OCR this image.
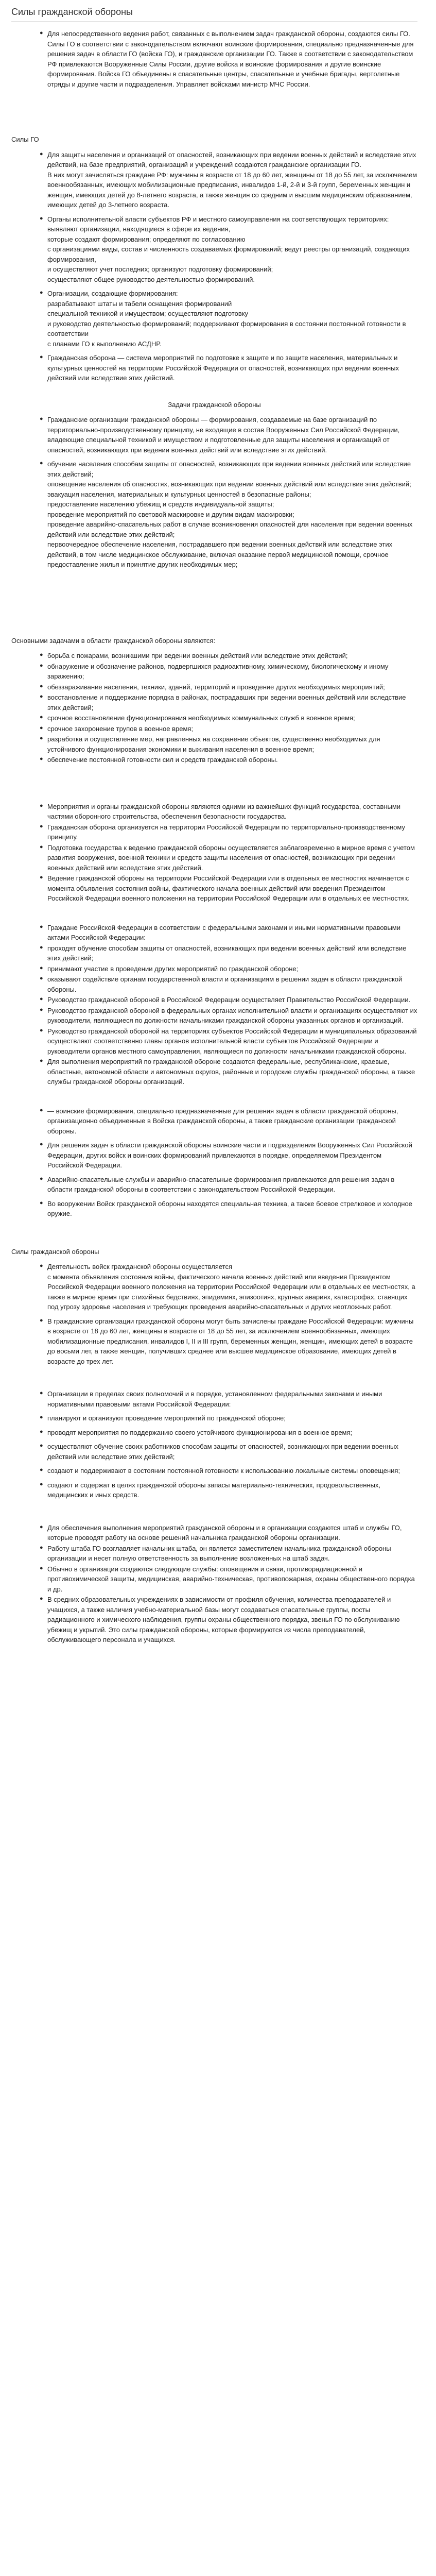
Силы гражданской обороны
● Для непосредственного ведения работ, связанных с выполнением задач гражданской обороны, создаются силы ГО. Силы ГО в соответствии с законодательством включают воинские формирования, специально предназначенные для решения задач в области ГО (войска ГО), и гражданские организации ГО. Также в соответствии с законодательством РФ привлекаются Вооруженные Силы России, другие войска и воинские формирования и другие воинские формирования. Войска ГО объединены в спасательные центры, спасательные и учебные бригады, вертолетные отряды и другие части и подразделения. Управляет войсками министр МЧС России.
Силы ГО
● Для защиты населения и организаций от опасностей, возникающих при ведении военных действий и вследствие этих действий, на базе предприятий, организаций и учреждений создаются гражданские организации ГО.
В них могут зачисляться граждане РФ: мужчины в возрасте от 18 до 60 лет, женщины от 18 до 55 лет, за исключением военнообязанных, имеющих мобилизационные предписания, инвалидов 1-й, 2-й и 3-й групп, беременных женщин и женщин, имеющих детей до 8-летнего возраста, а также женщин со средним и высшим медицинским образованием, имеющих детей до 3-летнего возраста.
● Органы исполнительной власти субъектов РФ и местного самоуправления на соответствующих территориях: выявляют организации, находящиеся в сфере их ведения,
которые создают формирования; определяют по согласованию
с организациями виды, состав и численность создаваемых формирований; ведут реестры организаций, создающих формирования,
и осуществляют учет последних; организуют подготовку формирований;
осуществляют общее руководство деятельностью формирований.
● Организации, создающие формирования:
разрабатывают штаты и табели оснащения формирований
специальной техникой и имуществом; осуществляют подготовку
и руководство деятельностью формирований; поддерживают формирования в состоянии постоянной готовности в соответствии
с планами ГО к выполнению АСДНР.
● Гражданская оборона — система мероприятий по подготовке к защите и по защите населения, материальных и культурных ценностей на территории Российской Федерации от опасностей, возникающих при ведении военных действий или вследствие этих действий.
Задачи гражданской обороны
● Гражданские организации гражданской обороны — формирования, создаваемые на базе организаций по территориально-производственному принципу, не входящие в состав Вооруженных Сил Российской Федерации, владеющие специальной техникой и имуществом и подготовленные для защиты населения и организаций от опасностей, возникающих при ведении военных действий или вследствие этих действий.
● обучение населения способам защиты от опасностей, возникающих при ведении военных действий или вследствие этих действий;
оповещение населения об опасностях, возникающих при ведении военных действий или вследствие этих действий;
эвакуация населения, материальных и культурных ценностей в безопасные районы;
предоставление населению убежищ и средств индивидуальной защиты;
проведение мероприятий по световой маскировке и другим видам маскировки;
проведение аварийно-спасательных работ в случае возникновения опасностей для населения при ведении военных действий или вследствие этих действий;
первоочередное обеспечение населения, пострадавшего при ведении военных действий или вследствие этих действий, в том числе медицинское обслуживание, включая оказание первой медицинской помощи, срочное предоставление жилья и принятие других необходимых мер;
Основными задачами в области гражданской обороны являются:
● борьба с пожарами, возникшими при ведении военных действий или вследствие этих действий;
● обнаружение и обозначение районов, подвергшихся радиоактивному, химическому, биологическому и иному заражению;
● обеззараживание населения, техники, зданий, территорий и проведение других необходимых мероприятий;
● восстановление и поддержание порядка в районах, пострадавших при ведении военных действий или вследствие этих действий;
● срочное восстановление функционирования необходимых коммунальных служб в военное время;
● срочное захоронение трупов в военное время;
● разработка и осуществление мер, направленных на сохранение объектов, существенно необходимых для устойчивого функционирования экономики и выживания населения в военное время;
● обеспечение постоянной готовности сил и средств гражданской обороны.
● Мероприятия и органы гражданской обороны являются одними из важнейших функций государства, составными частями оборонного строительства, обеспечения безопасности государства.
● Гражданская оборона организуется на территории Российской Федерации по территориально-производственному принципу.
● Подготовка государства к ведению гражданской обороны осуществляется заблаговременно в мирное время с учетом развития вооружения, военной техники и средств защиты населения от опасностей, возникающих при ведении военных действий или вследствие этих действий.
● Ведение гражданской обороны на территории Российской Федерации или в отдельных ее местностях начинается с момента объявления состояния войны, фактического начала военных действий или введения Президентом Российской Федерации военного положения на территории Российской Федерации или в отдельных ее местностях.
● Граждане Российской Федерации в соответствии с федеральными законами и иными нормативными правовыми актами Российской Федерации:
● проходят обучение способам защиты от опасностей, возникающих при ведении военных действий или вследствие этих действий;
● принимают участие в проведении других мероприятий по гражданской обороне;
● оказывают содействие органам государственной власти и организациям в решении задач в области гражданской обороны.
● Руководство гражданской обороной в Российской Федерации осуществляет Правительство Российской Федерации.
● Руководство гражданской обороной в федеральных органах исполнительной власти и организациях осуществляют их руководители, являющиеся по должности начальниками гражданской обороны указанных органов и организаций.
● Руководство гражданской обороной на территориях субъектов Российской Федерации и муниципальных образований осуществляют соответственно главы органов исполнительной власти субъектов Российской Федерации и руководители органов местного самоуправления, являющиеся по должности начальниками гражданской обороны.
● Для выполнения мероприятий по гражданской обороне создаются федеральные, республиканские, краевые, областные, автономной области и автономных округов, районные и городские службы гражданской обороны, а также службы гражданской обороны организаций.
● — воинские формирования, специально предназначенные для решения задач в области гражданской обороны, организационно объединенные в Войска гражданской обороны, а также гражданские организации гражданской обороны.
● Для решения задач в области гражданской обороны воинские части и подразделения Вооруженных Сил Российской Федерации, других войск и воинских формирований привлекаются в порядке, определяемом Президентом Российской Федерации.
● Аварийно-спасательные службы и аварийно-спасательные формирования привлекаются для решения задач в области гражданской обороны в соответствии с законодательством Российской Федерации.
● Во вооружении Войск гражданской обороны находятся специальная техника, а также боевое стрелковое и холодное оружие.
Силы гражданской обороны
● Деятельность войск гражданской обороны осуществляется
с момента объявления состояния войны, фактического начала военных действий или введения Президентом Российской Федерации военного положения на территории Российской Федерации или в отдельных ее местностях, а также в мирное время при стихийных бедствиях, эпидемиях, эпизоотиях, крупных авариях, катастрофах, ставящих под угрозу здоровье населения и требующих проведения аварийно-спасательных и других неотложных работ.
● В гражданские организации гражданской обороны могут быть зачислены граждане Российской Федерации: мужчины в возрасте от 18 до 60 лет, женщины в возрасте от 18 до 55 лет, за исключением военнообязанных, имеющих мобилизационные предписания, инвалидов I, II и III групп, беременных женщин, женщин, имеющих детей в возрасте до восьми лет, а также женщин, получивших среднее или высшее медицинское образование, имеющих детей в возрасте до трех лет.
● Организации в пределах своих полномочий и в порядке, установленном федеральными законами и иными нормативными правовыми актами Российской Федерации:
● планируют и организуют проведение мероприятий по гражданской обороне;
● проводят мероприятия по поддержанию своего устойчивого функционирования в военное время;
● осуществляют обучение своих работников способам защиты от опасностей, возникающих при ведении военных действий или вследствие этих действий;
● создают и поддерживают в состоянии постоянной готовности к использованию локальные системы оповещения;
● создают и содержат в целях гражданской обороны запасы материально-технических, продовольственных, медицинских и иных средств.
● Для обеспечения выполнения мероприятий гражданской обороны и в организации создаются штаб и службы ГО, которые проводят работу на основе решений начальника гражданской обороны организации.
● Работу штаба ГО возглавляет начальник штаба, он является заместителем начальника гражданской обороны организации и несет полную ответственность за выполнение возложенных на штаб задач.
● Обычно в организации создаются следующие службы: оповещения и связи, противорадиационной и противохимической защиты, медицинская, аварийно-техническая, противопожарная, охраны общественного порядка и др.
● В средних образовательных учреждениях в зависимости от профиля обучения, количества преподавателей и учащихся, а также наличия учебно-материальной базы могут создаваться спасательные группы, посты радиационного и химического наблюдения, группы охраны общественного порядка, звенья ГО по обслуживанию убежищ и укрытий. Это силы гражданской обороны, которые формируются из числа преподавателей, обслуживающего персонала и учащихся.
